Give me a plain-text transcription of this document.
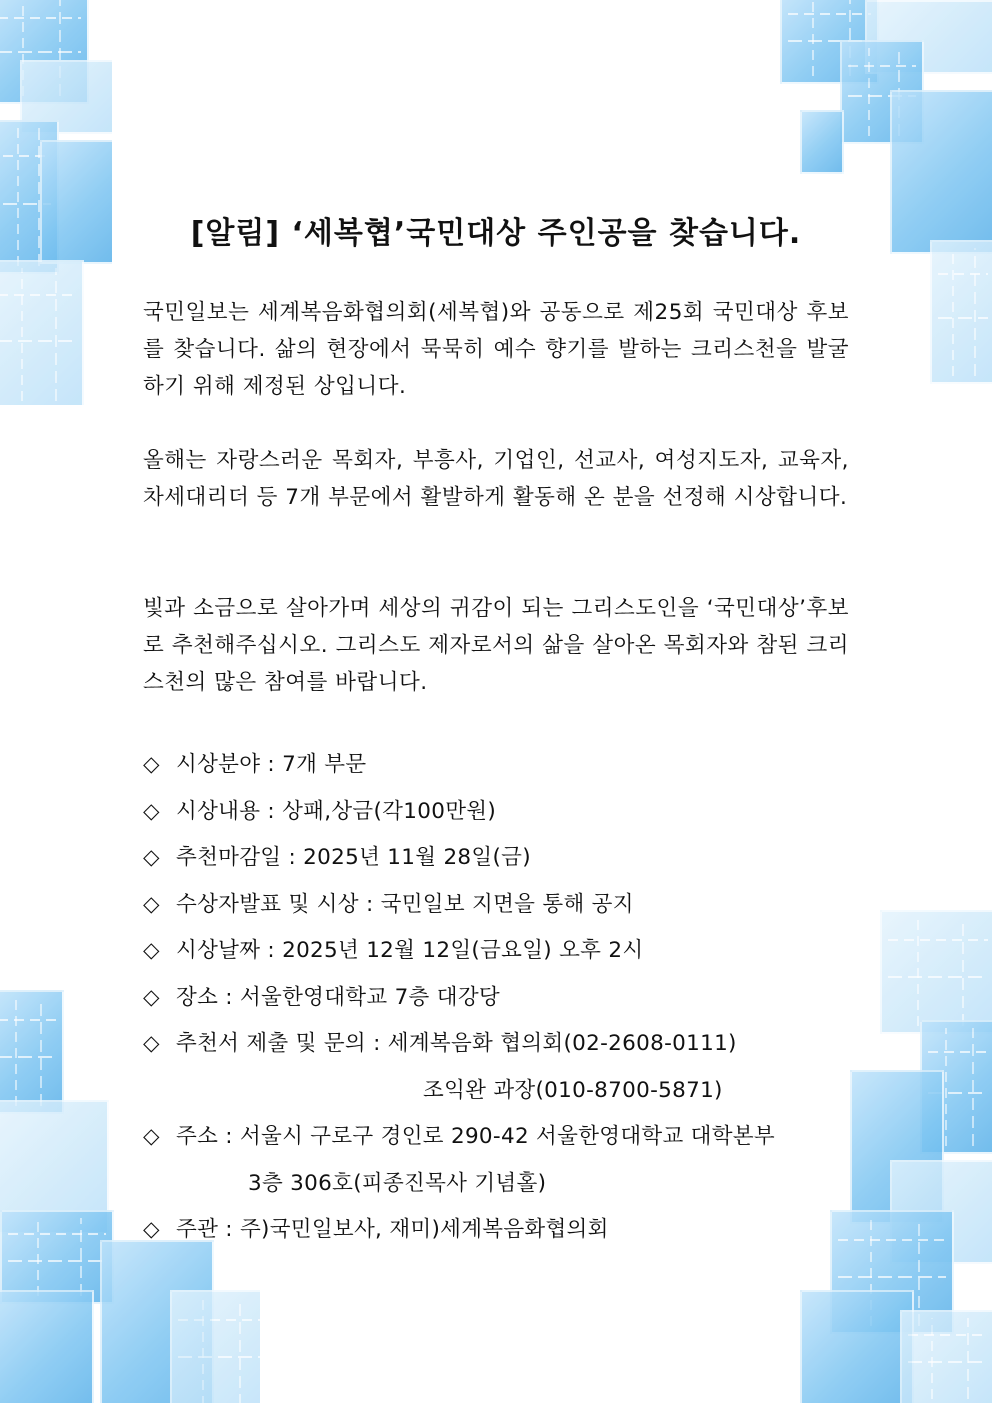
[알림] ‘세복협’국민대상 주인공을 찾습니다.

국민일보는 세계복음화협의회(세복협)와 공동으로 제25회 국민대상 후보를 찾습니다. 삶의 현장에서 묵묵히 예수 향기를 발하는 크리스천을 발굴하기 위해 제정된 상입니다.

올해는 자랑스러운 목회자, 부흥사, 기업인, 선교사, 여성지도자, 교육자, 차세대리더 등 7개 부문에서 활발하게 활동해 온 분을 선정해 시상합니다.

빛과 소금으로 살아가며 세상의 귀감이 되는 그리스도인을 ‘국민대상’후보로 추천해주십시오. 그리스도 제자로서의 삶을 살아온 목회자와 참된 크리스천의 많은 참여를 바랍니다.

◇ 시상분야 : 7개 부문
◇ 시상내용 : 상패,상금(각100만원)
◇ 추천마감일 : 2025년 11월 28일(금)
◇ 수상자발표 및 시상 : 국민일보 지면을 통해 공지
◇ 시상날짜 : 2025년 12월 12일(금요일) 오후 2시
◇ 장소 : 서울한영대학교 7층 대강당
◇ 추천서 제출 및 문의 : 세계복음화 협의회(02-2608-0111)
조익완 과장(010-8700-5871)
◇ 주소 : 서울시 구로구 경인로 290-42 서울한영대학교 대학본부
3층 306호(피종진목사 기념홀)
◇ 주관 : 주)국민일보사, 재미)세계복음화협의회
